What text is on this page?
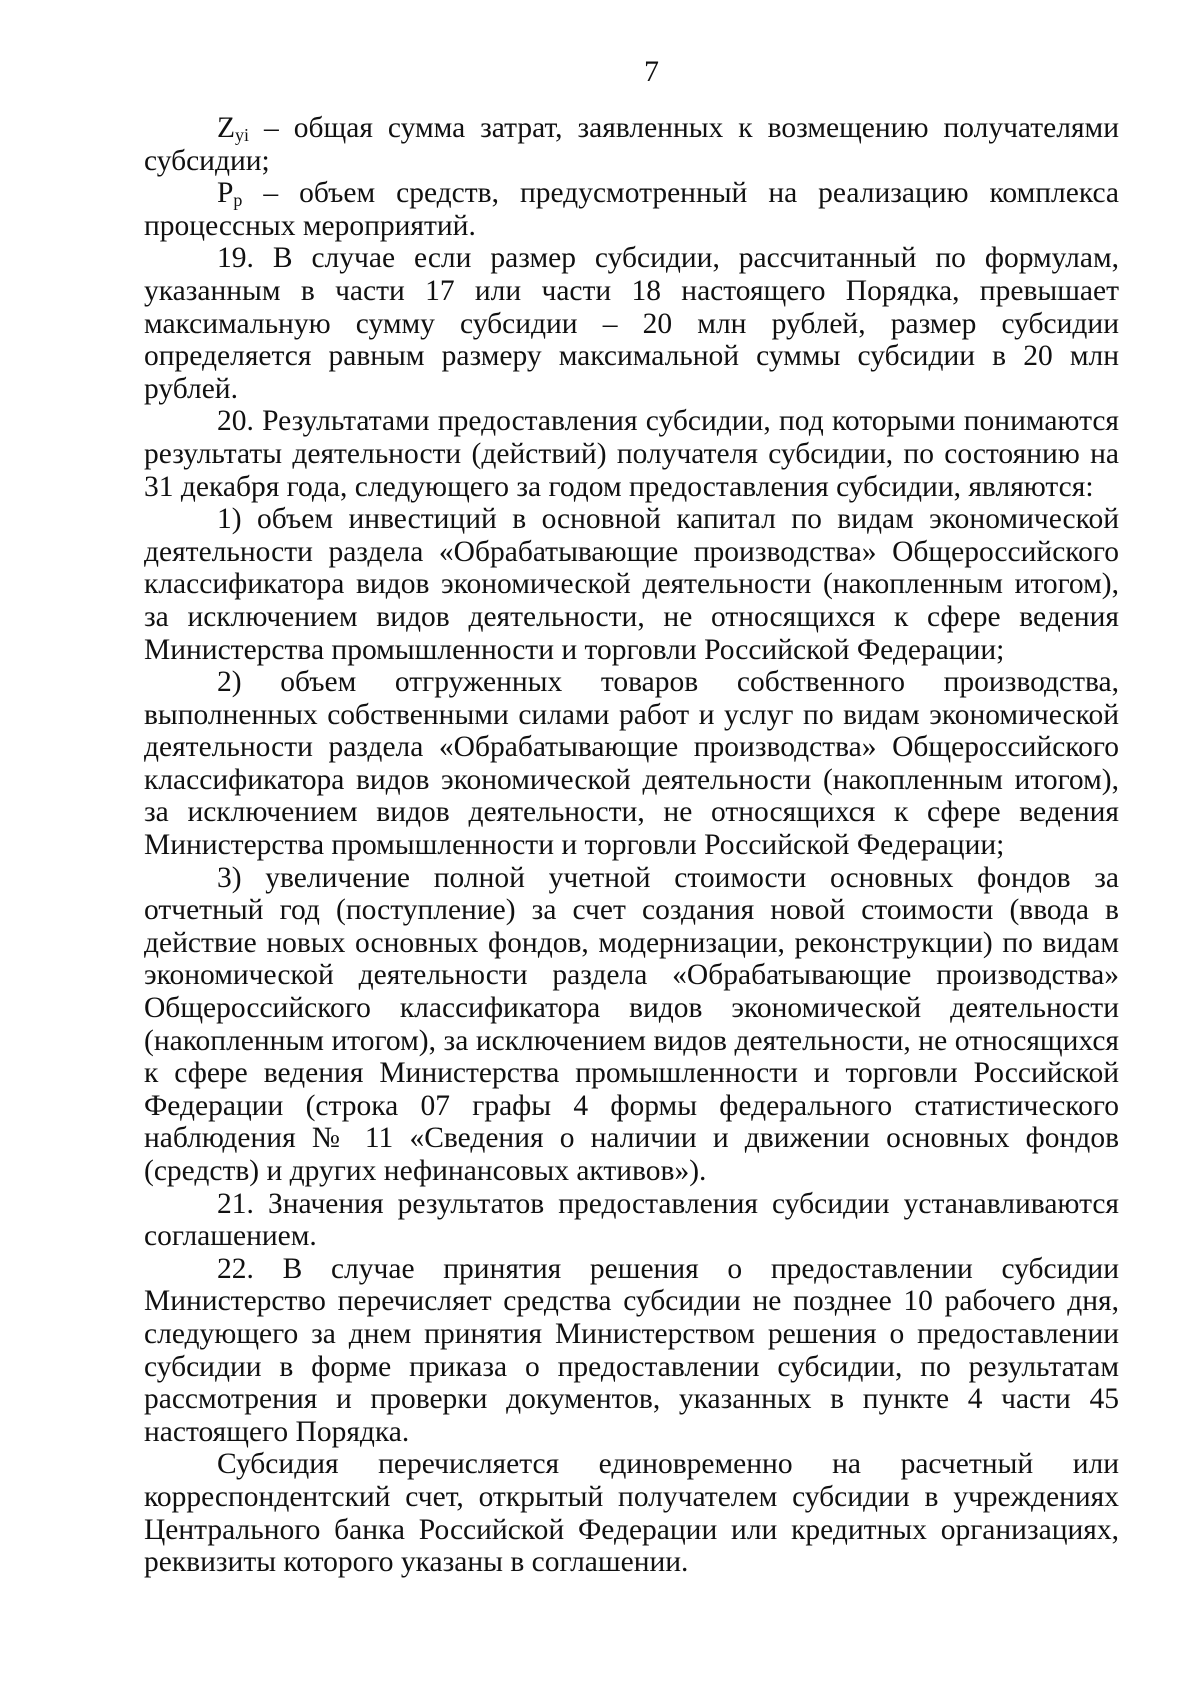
7

$Z_{yi}$ – общая сумма затрат, заявленных к возмещению получателями субсидии;

$P_p$ – объем средств, предусмотренный на реализацию комплекса процессных мероприятий.

19. В случае если размер субсидии, рассчитанный по формулам, указанным в части 17 или части 18 настоящего Порядка, превышает максимальную сумму субсидии – 20 млн рублей, размер субсидии определяется равным размеру максимальной суммы субсидии в 20 млн рублей.

20. Результатами предоставления субсидии, под которыми понимаются результаты деятельности (действий) получателя субсидии, по состоянию на 31 декабря года, следующего за годом предоставления субсидии, являются:

1) объем инвестиций в основной капитал по видам экономической деятельности раздела «Обрабатывающие производства» Общероссийского классификатора видов экономической деятельности (накопленным итогом), за исключением видов деятельности, не относящихся к сфере ведения Министерства промышленности и торговли Российской Федерации;

2) объем отгруженных товаров собственного производства, выполненных собственными силами работ и услуг по видам экономической деятельности раздела «Обрабатывающие производства» Общероссийского классификатора видов экономической деятельности (накопленным итогом), за исключением видов деятельности, не относящихся к сфере ведения Министерства промышленности и торговли Российской Федерации;

3) увеличение полной учетной стоимости основных фондов за отчетный год (поступление) за счет создания новой стоимости (ввода в действие новых основных фондов, модернизации, реконструкции) по видам экономической деятельности раздела «Обрабатывающие производства» Общероссийского классификатора видов экономической деятельности (накопленным итогом), за исключением видов деятельности, не относящихся к сфере ведения Министерства промышленности и торговли Российской Федерации (строка 07 графы 4 формы федерального статистического наблюдения № 11 «Сведения о наличии и движении основных фондов (средств) и других нефинансовых активов»).

21. Значения результатов предоставления субсидии устанавливаются соглашением.

22. В случае принятия решения о предоставлении субсидии Министерство перечисляет средства субсидии не позднее 10 рабочего дня, следующего за днем принятия Министерством решения о предоставлении субсидии в форме приказа о предоставлении субсидии, по результатам рассмотрения и проверки документов, указанных в пункте 4 части 45 настоящего Порядка.

Субсидия перечисляется единовременно на расчетный или корреспондентский счет, открытый получателем субсидии в учреждениях Центрального банка Российской Федерации или кредитных организациях, реквизиты которого указаны в соглашении.
